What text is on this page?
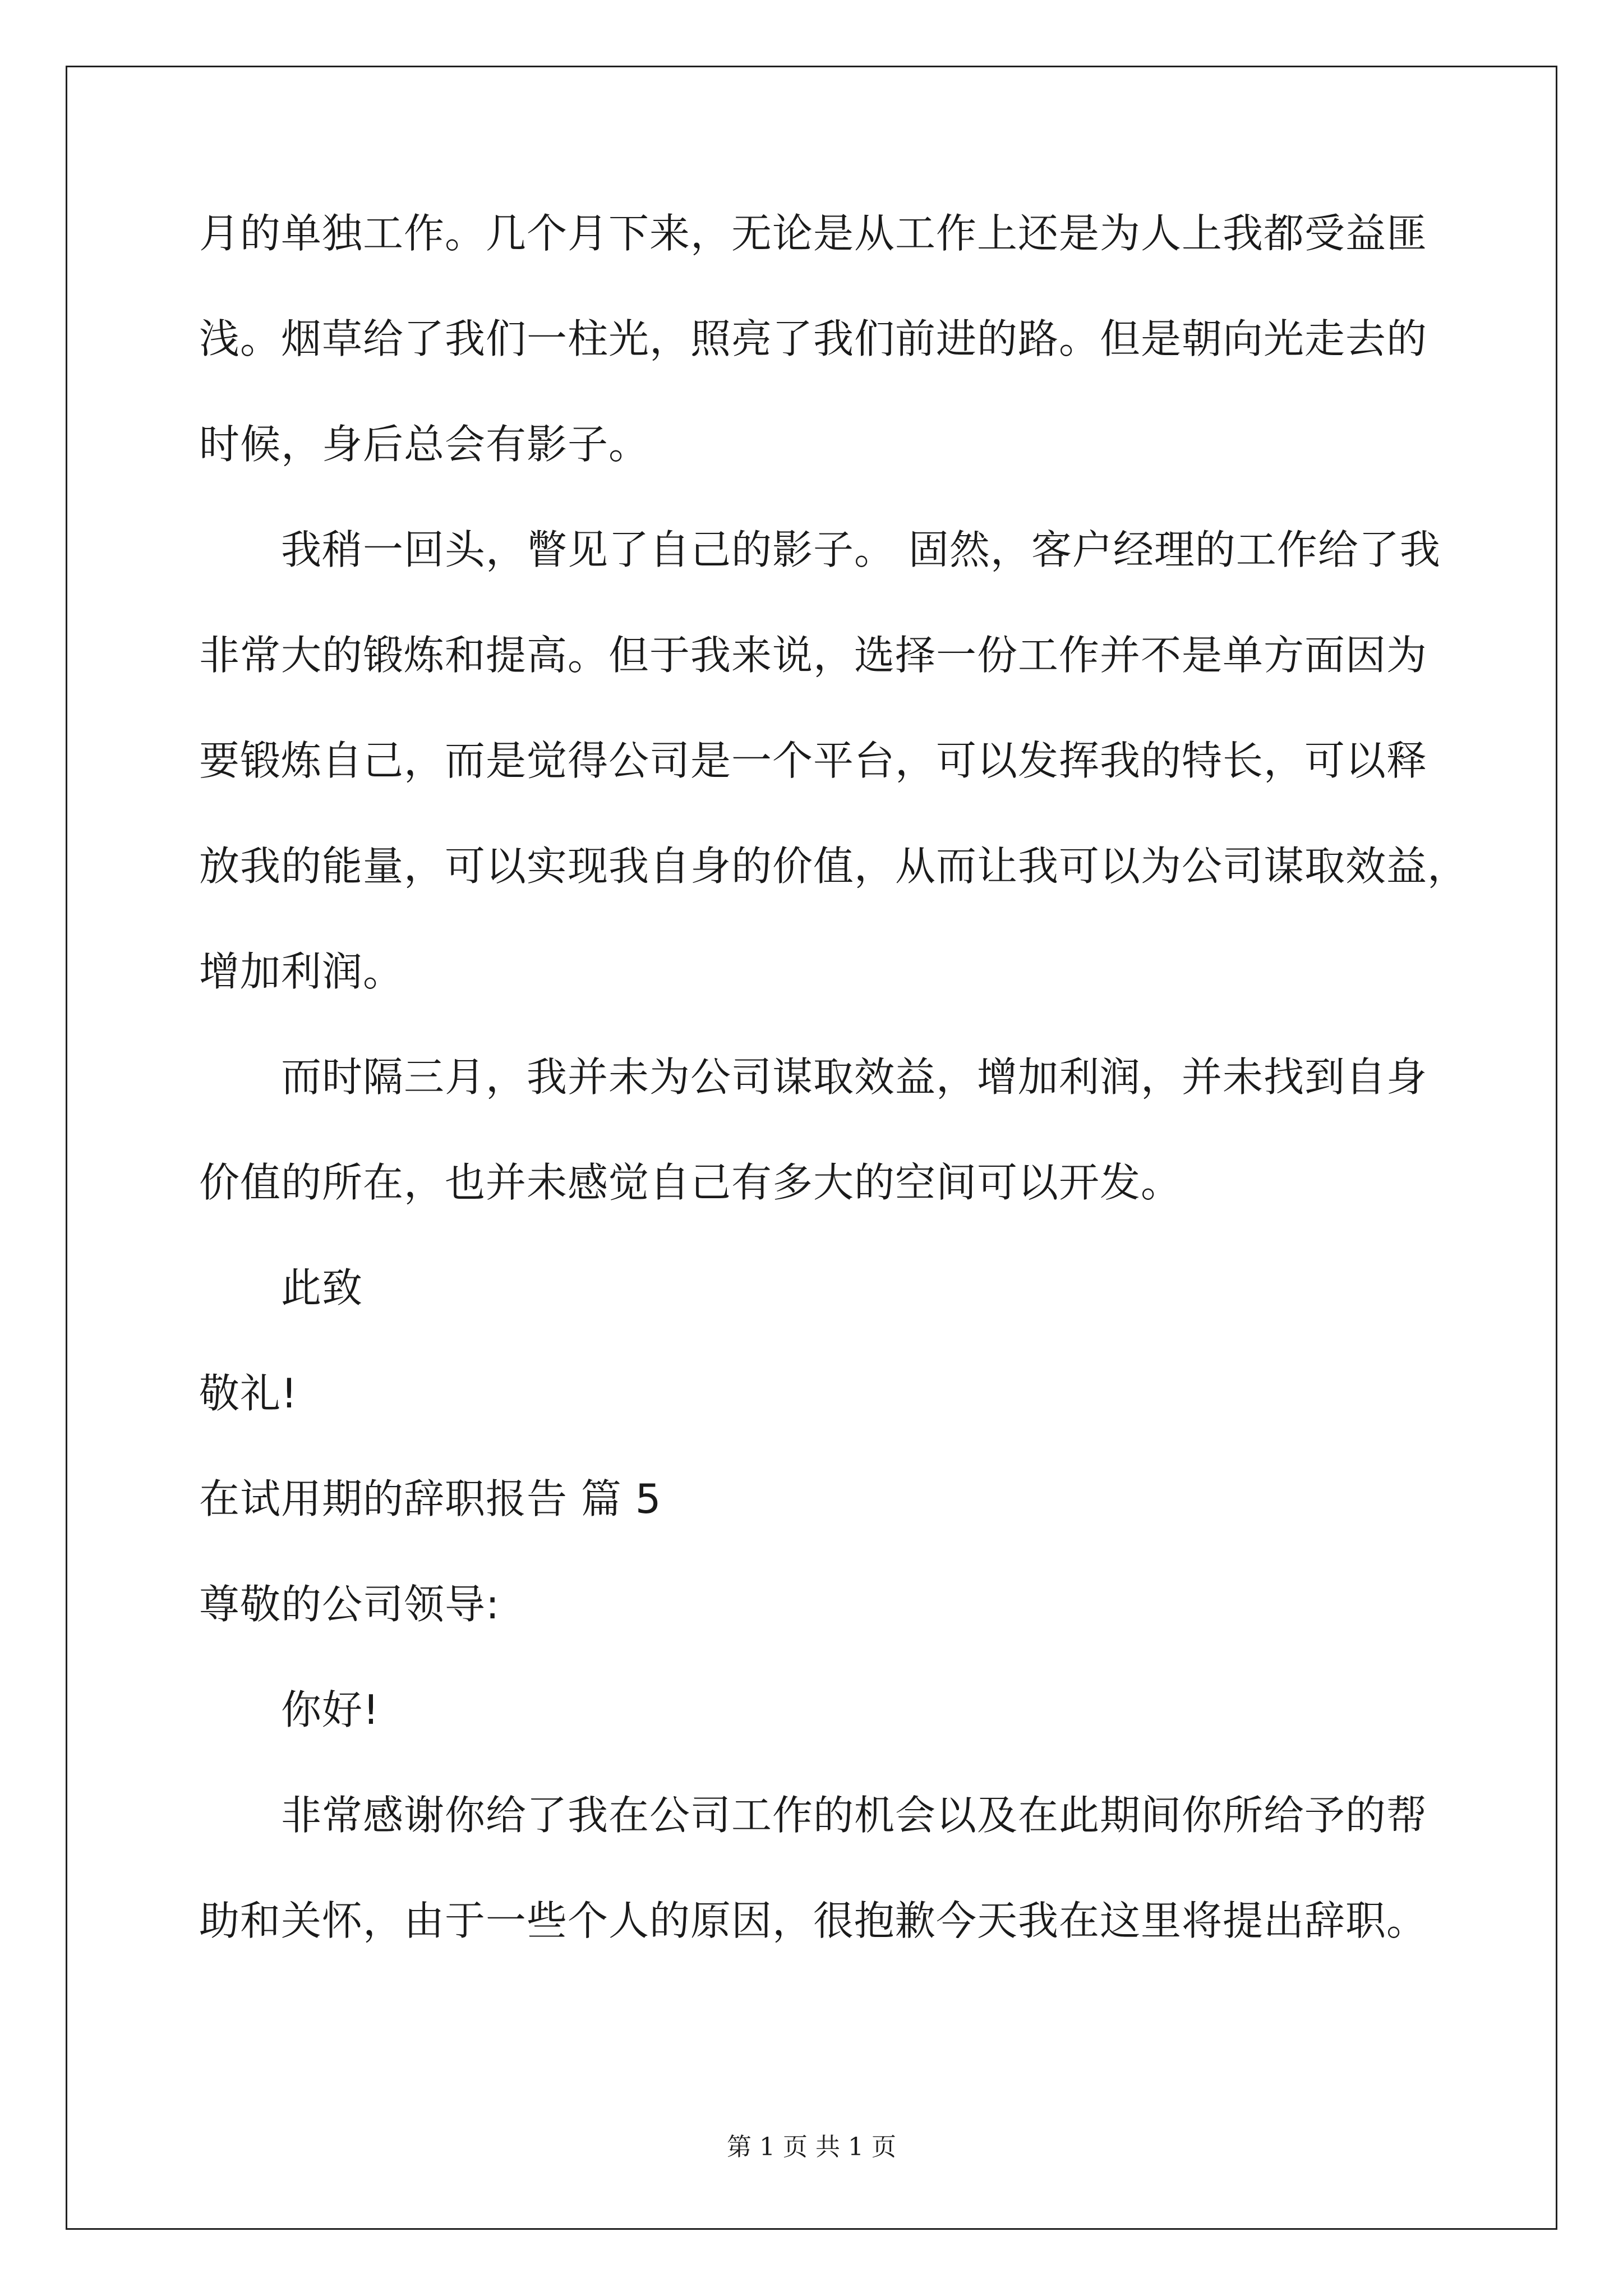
月的单独工作。几个月下来，无论是从工作上还是为人上我都受益匪
浅。烟草给了我们一柱光，照亮了我们前进的路。但是朝向光走去的
时候，身后总会有影子。
我稍一回头，瞥见了自己的影子。 固然，客户经理的工作给了我
非常大的锻炼和提高。但于我来说，选择一份工作并不是单方面因为
要锻炼自己，而是觉得公司是一个平台，可以发挥我的特长，可以释
放我的能量，可以实现我自身的价值，从而让我可以为公司谋取效益，
增加利润。
而时隔三月，我并未为公司谋取效益，增加利润，并未找到自身
价值的所在，也并未感觉自己有多大的空间可以开发。
此致
敬礼!
在试用期的辞职报告 篇 5
尊敬的公司领导:
你好!
非常感谢你给了我在公司工作的机会以及在此期间你所给予的帮
助和关怀，由于一些个人的原因，很抱歉今天我在这里将提出辞职。
第 1 页 共 1 页
